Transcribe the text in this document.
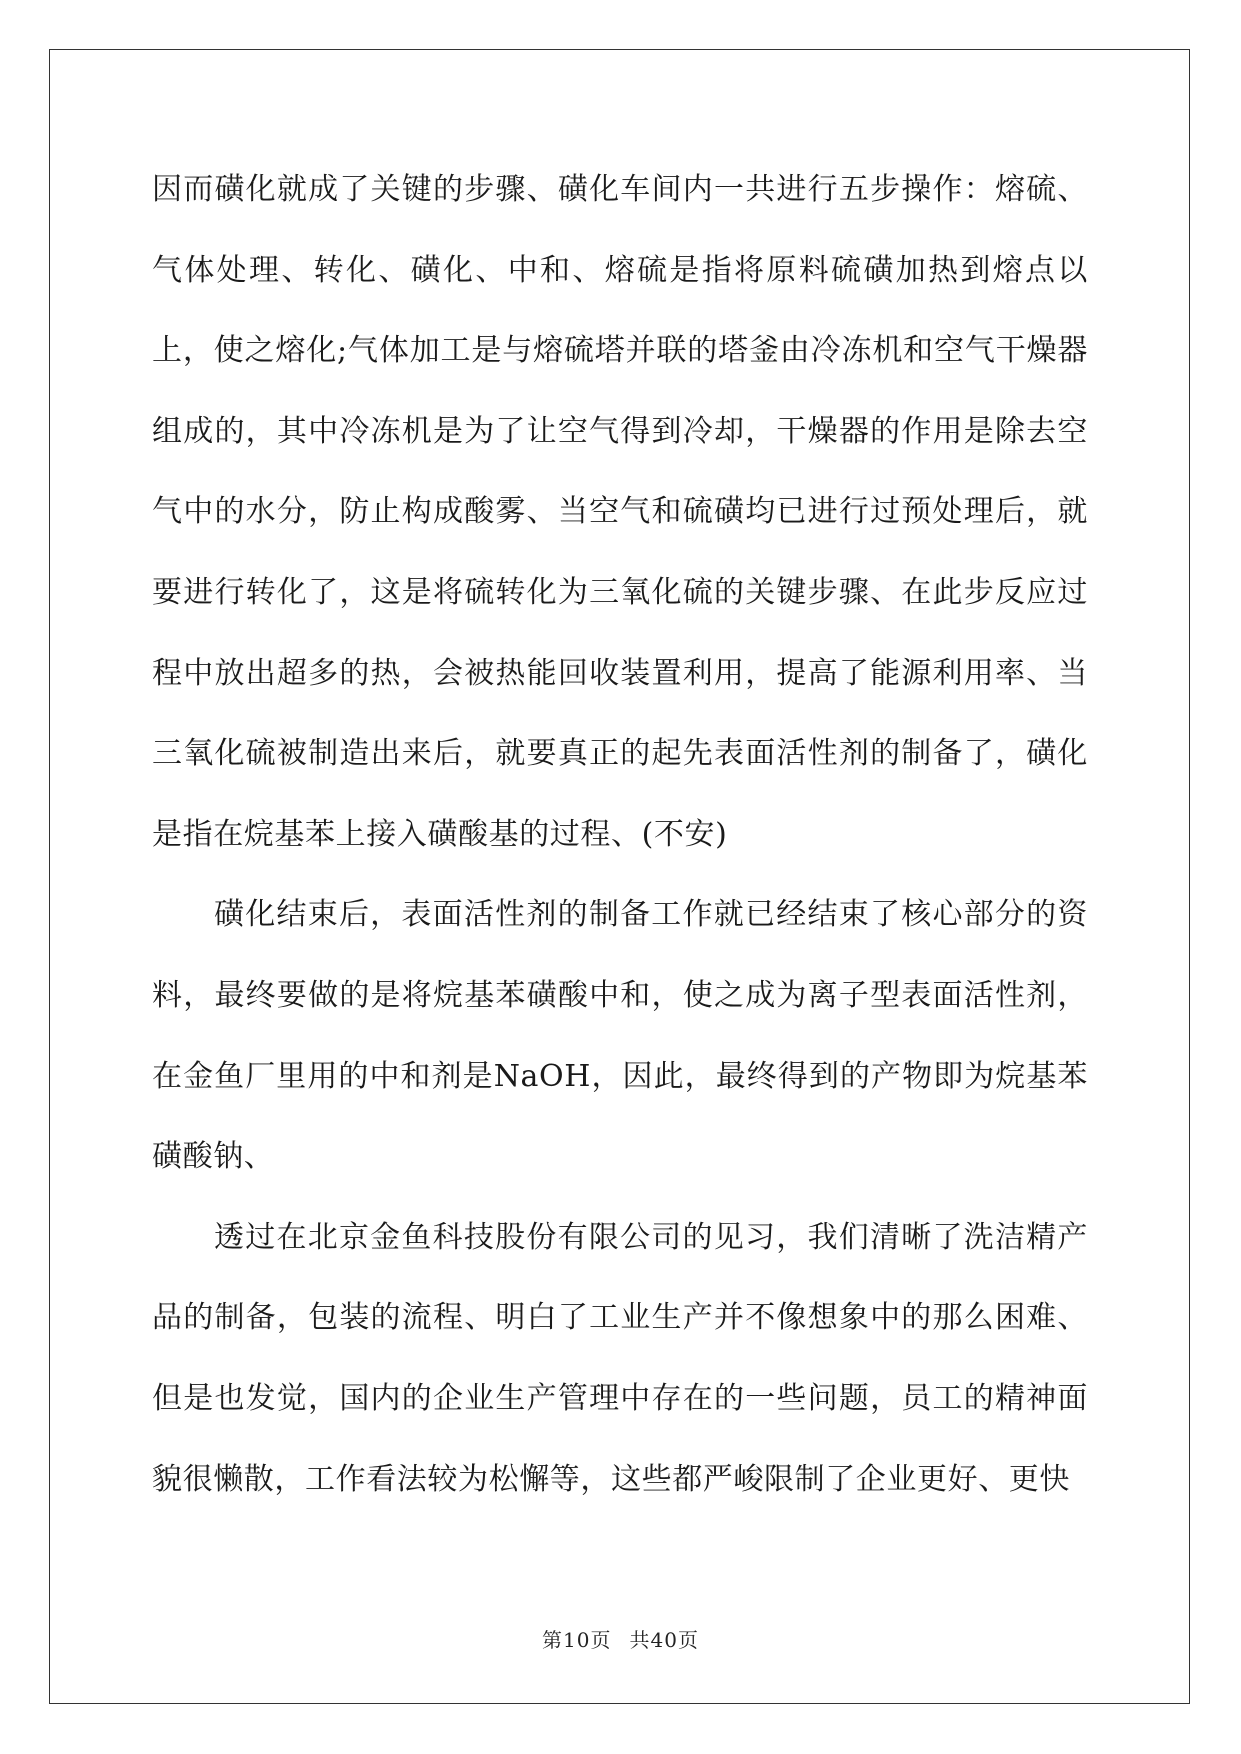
因而磺化就成了关键的步骤、磺化车间内一共进行五步操作：熔硫、气体处理、转化、磺化、中和、熔硫是指将原料硫磺加热到熔点以上，使之熔化;气体加工是与熔硫塔并联的塔釜由冷冻机和空气干燥器组成的，其中冷冻机是为了让空气得到冷却，干燥器的作用是除去空气中的水分，防止构成酸雾、当空气和硫磺均已进行过预处理后，就要进行转化了，这是将硫转化为三氧化硫的关键步骤、在此步反应过程中放出超多的热，会被热能回收装置利用，提高了能源利用率、当三氧化硫被制造出来后，就要真正的起先表面活性剂的制备了，磺化是指在烷基苯上接入磺酸基的过程、(不安)

磺化结束后，表面活性剂的制备工作就已经结束了核心部分的资料，最终要做的是将烷基苯磺酸中和，使之成为离子型表面活性剂，在金鱼厂里用的中和剂是NaOH，因此，最终得到的产物即为烷基苯磺酸钠、

透过在北京金鱼科技股份有限公司的见习，我们清晰了洗洁精产品的制备，包装的流程、明白了工业生产并不像想象中的那么困难、但是也发觉，国内的企业生产管理中存在的一些问题，员工的精神面貌很懒散，工作看法较为松懈等，这些都严峻限制了企业更好、更快

第10页 共40页
